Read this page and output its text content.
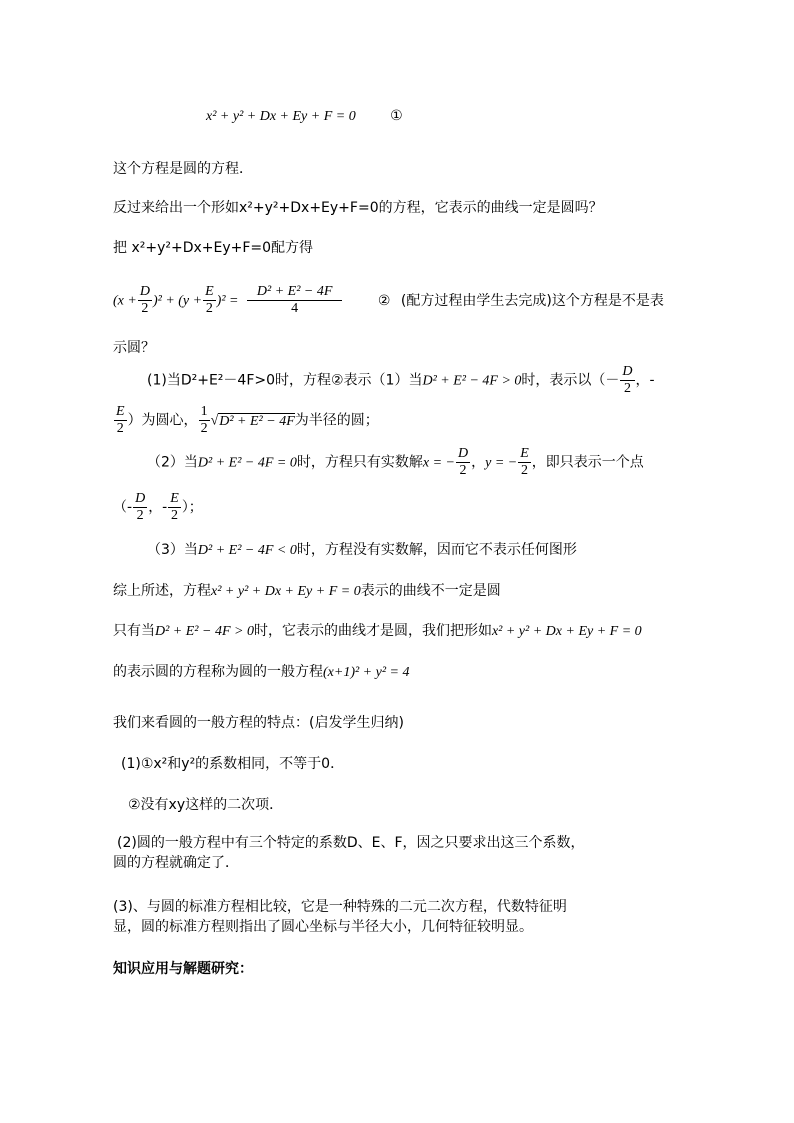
x² + y² + Dx + Ey + F = 0 ①
这个方程是圆的方程．
反过来给出一个形如x²+y²+Dx+Ey+F=0的方程，它表示的曲线一定是圆吗？
把 x²+y²+Dx+Ey+F=0配方得
$(x + \frac{D}{2} )^2 + (y + \frac{E}{2} )^2 = \frac{\text{D² + E² − 4F}}{4}$	② (配方过程由学生去完成)这个方程是不是表
示圆？
(1)当D²+E²－4F>0时，方程②表示（1）当D² + E² − 4F > 0时，表示以（－ $\frac{D}{2}$ ，-
$\frac{E}{2}$ ）为圆心， $\frac{1}{2} √D^2 + E^2 - 4F$为半径的圆；
（2）当D² + E² − 4F = 0时，方程只有实数解x = − $\frac{D}{2}$ ，y = − $\frac{E}{2}$ ，即只表示一个点
（- $\frac{D}{2}$ ，- $\frac{E}{2}$ ）；
（3）当D² + E² − 4F < 0时，方程没有实数解，因而它不表示任何图形
综上所述，方程x² + y² + Dx + Ey + F = 0表示的曲线不一定是圆
只有当D² + E² − 4F > 0时，它表示的曲线才是圆，我们把形如x² + y² + Dx + Ey + F = 0
的表示圆的方程称为圆的一般方程(x+1)² + y² = 4
我们来看圆的一般方程的特点：(启发学生归纳)
(1)①x²和y²的系数相同，不等于0．
②没有xy这样的二次项．
(2)圆的一般方程中有三个特定的系数D、E、F，因之只要求出这三个系数，
圆的方程就确定了．
(3)、与圆的标准方程相比较，它是一种特殊的二元二次方程，代数特征明
显，圆的标准方程则指出了圆心坐标与半径大小，几何特征较明显。
知识应用与解题研究：
